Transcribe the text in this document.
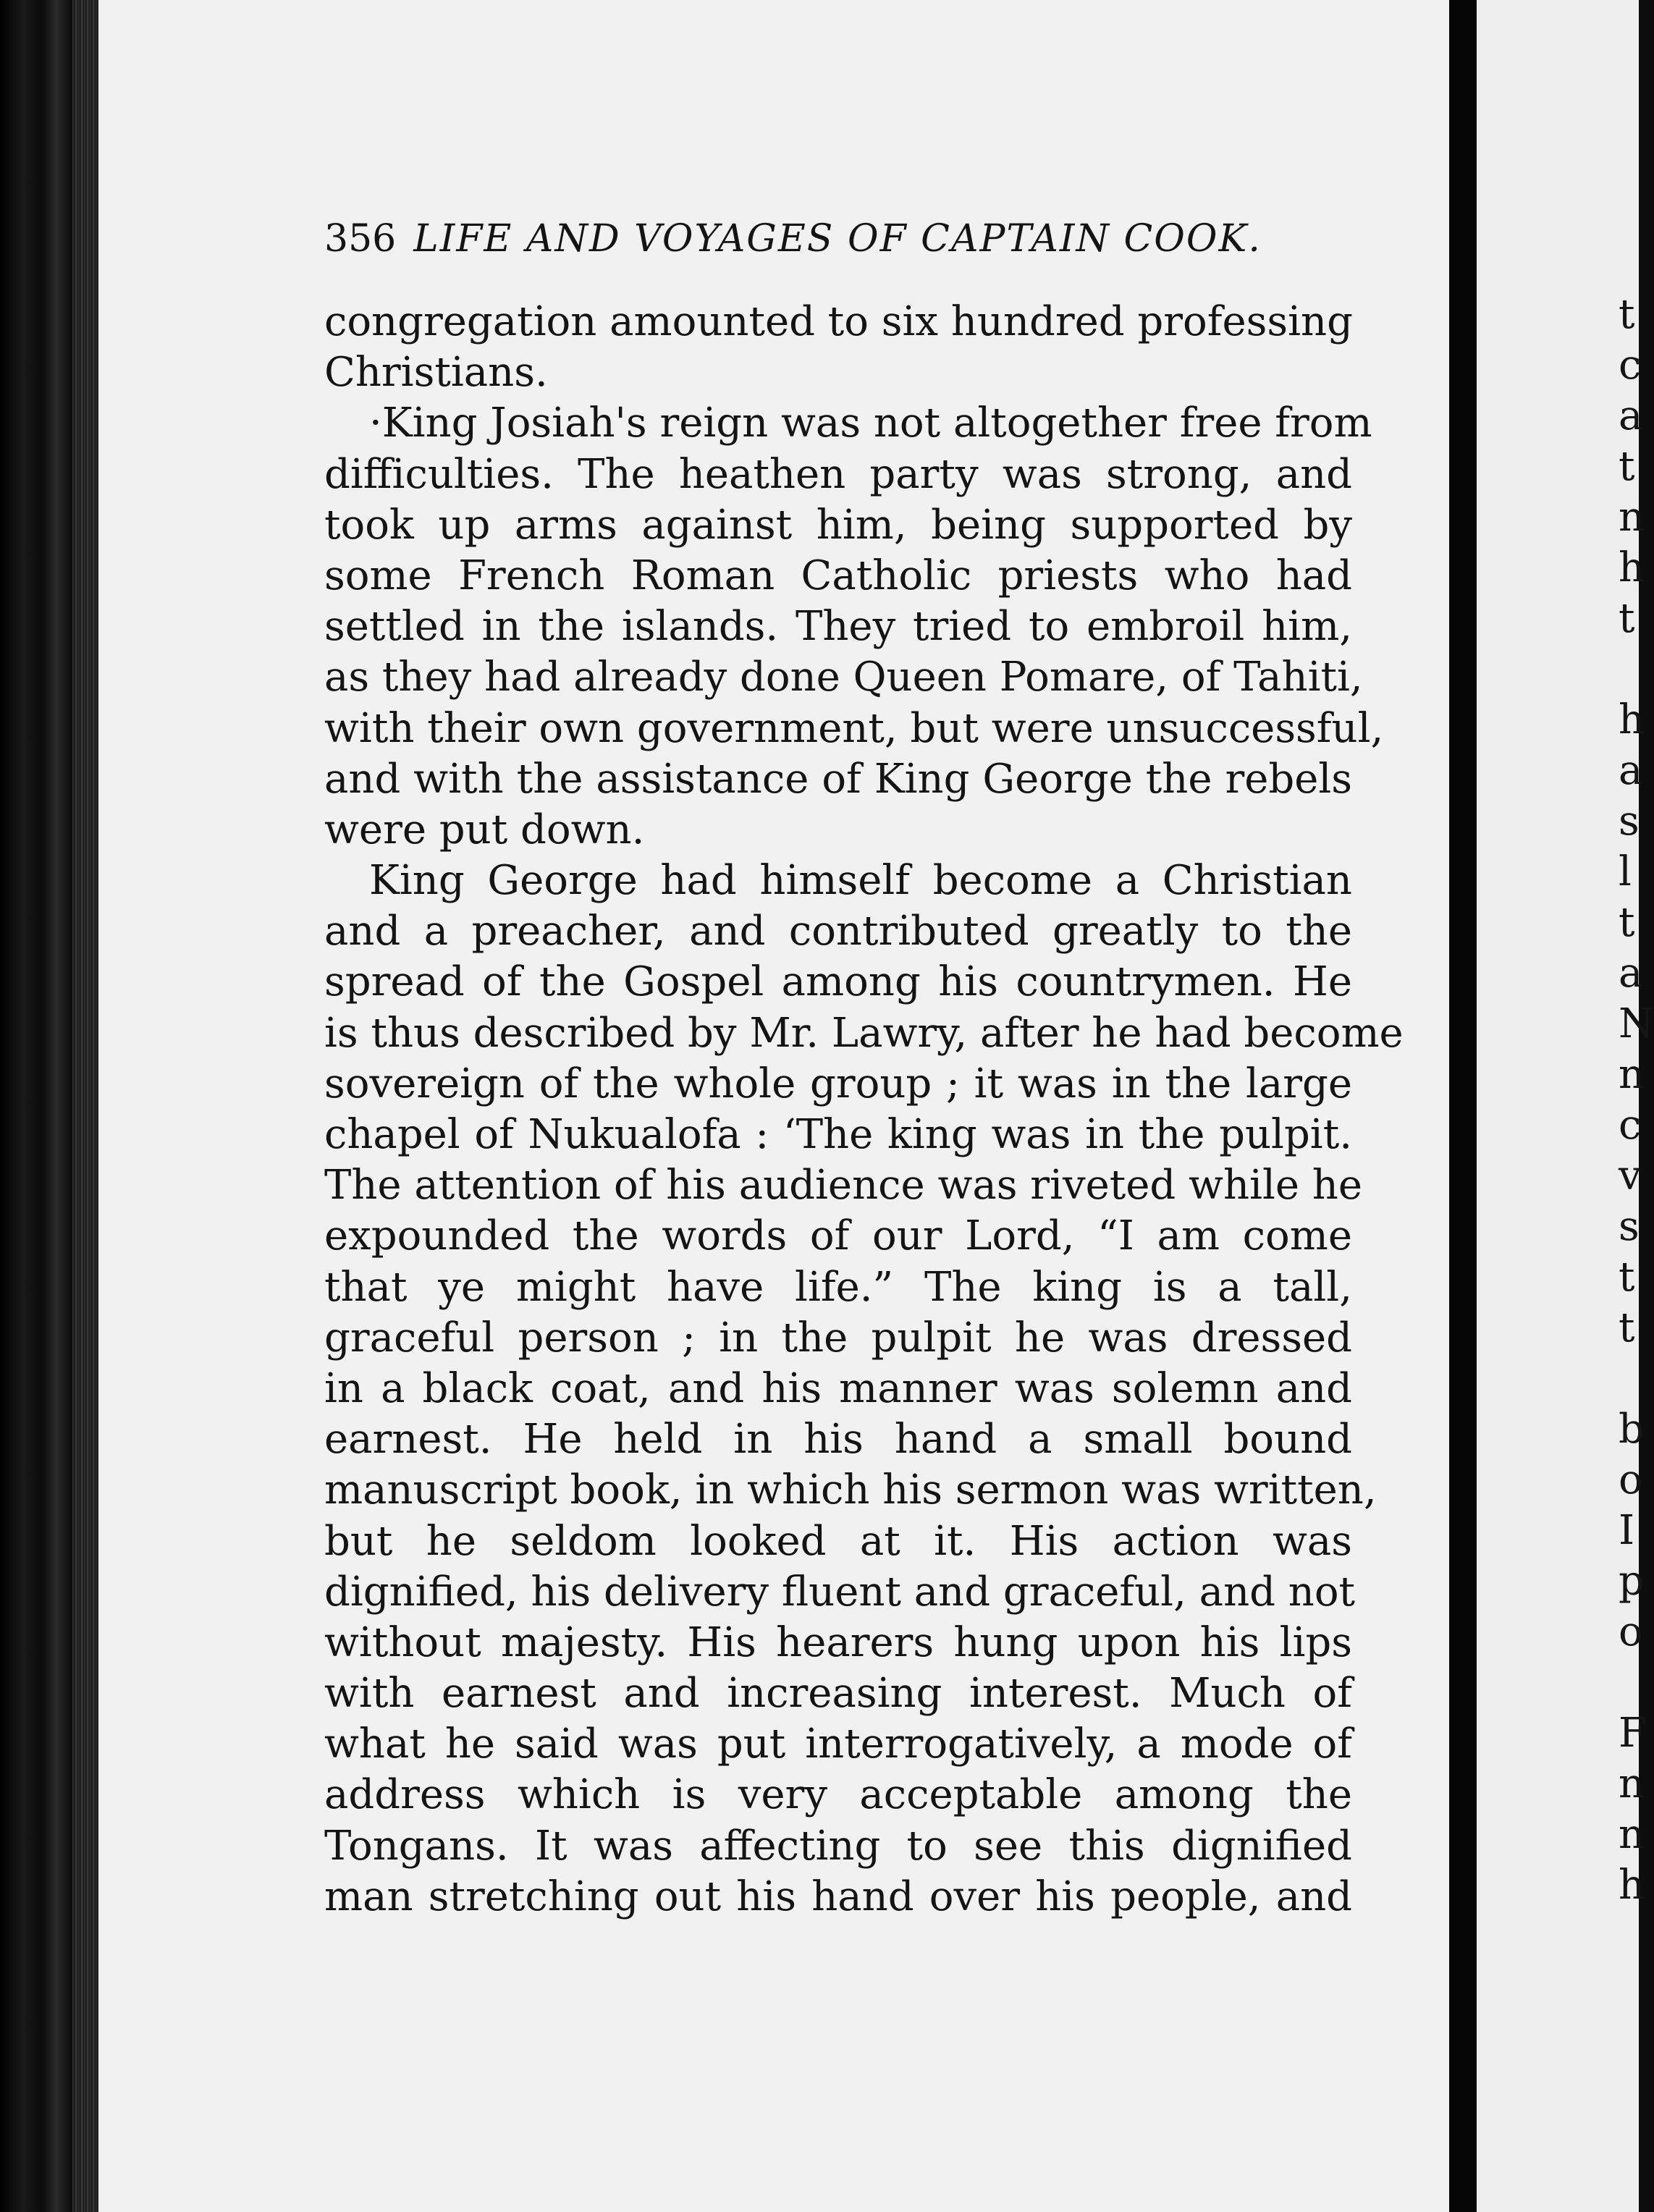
356 LIFE AND VOYAGES OF CAPTAIN COOK.
congregation amounted to six hundred professing
Christians.
·King Josiah's reign was not altogether free from
difficulties. The heathen party was strong, and
took up arms against him, being supported by
some French Roman Catholic priests who had
settled in the islands. They tried to embroil him,
as they had already done Queen Pomare, of Tahiti,
with their own government, but were unsuccessful,
and with the assistance of King George the rebels
were put down.
King George had himself become a Christian
and a preacher, and contributed greatly to the
spread of the Gospel among his countrymen. He
is thus described by Mr. Lawry, after he had become
sovereign of the whole group ; it was in the large
chapel of Nukualofa : ‘The king was in the pulpit.
The attention of his audience was riveted while he
expounded the words of our Lord, “I am come
that ye might have life.” The king is a tall,
graceful person ; in the pulpit he was dressed
in a black coat, and his manner was solemn and
earnest. He held in his hand a small bound
manuscript book, in which his sermon was written,
but he seldom looked at it. His action was
dignified, his delivery fluent and graceful, and not
without majesty. His hearers hung upon his lips
with earnest and increasing interest. Much of
what he said was put interrogatively, a mode of
address which is very acceptable among the
Tongans. It was affecting to see this dignified
man stretching out his hand over his people, and
t
c
a
t
n
h
t
h
a
s
l
t
a
N
n
c
v
s
t
t
b
o
I
p
o
F
n
n
h
